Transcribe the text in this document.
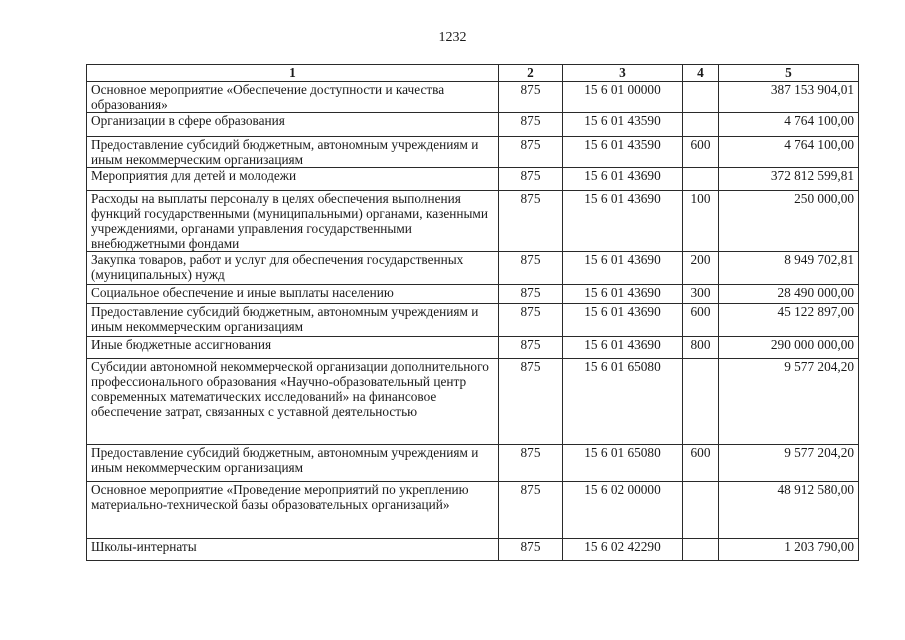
1232
1	2	3	4	5
Основное мероприятие «Обеспечение доступности и качества образования»	875	15 6 01 00000		387 153 904,01
Организации в сфере образования	875	15 6 01 43590		4 764 100,00
Предоставление субсидий бюджетным, автономным учреждениям и иным некоммерческим организациям	875	15 6 01 43590	600	4 764 100,00
Мероприятия для детей и молодежи	875	15 6 01 43690		372 812 599,81
Расходы на выплаты персоналу в целях обеспечения выполнения функций государственными (муниципальными) органами, казенными учреждениями, органами управления государственными внебюджетными фондами	875	15 6 01 43690	100	250 000,00
Закупка товаров, работ и услуг для обеспечения государственных (муниципальных) нужд	875	15 6 01 43690	200	8 949 702,81
Социальное обеспечение и иные выплаты населению	875	15 6 01 43690	300	28 490 000,00
Предоставление субсидий бюджетным, автономным учреждениям и иным некоммерческим организациям	875	15 6 01 43690	600	45 122 897,00
Иные бюджетные ассигнования	875	15 6 01 43690	800	290 000 000,00
Субсидии автономной некоммерческой организации дополнительного профессионального образования «Научно-образовательный центр современных математических исследований» на финансовое обеспечение затрат, связанных с уставной деятельностью	875	15 6 01 65080		9 577 204,20
Предоставление субсидий бюджетным, автономным учреждениям и иным некоммерческим организациям	875	15 6 01 65080	600	9 577 204,20
Основное мероприятие «Проведение мероприятий по укреплению материально-технической базы образовательных организаций»	875	15 6 02 00000		48 912 580,00
Школы-интернаты	875	15 6 02 42290		1 203 790,00
